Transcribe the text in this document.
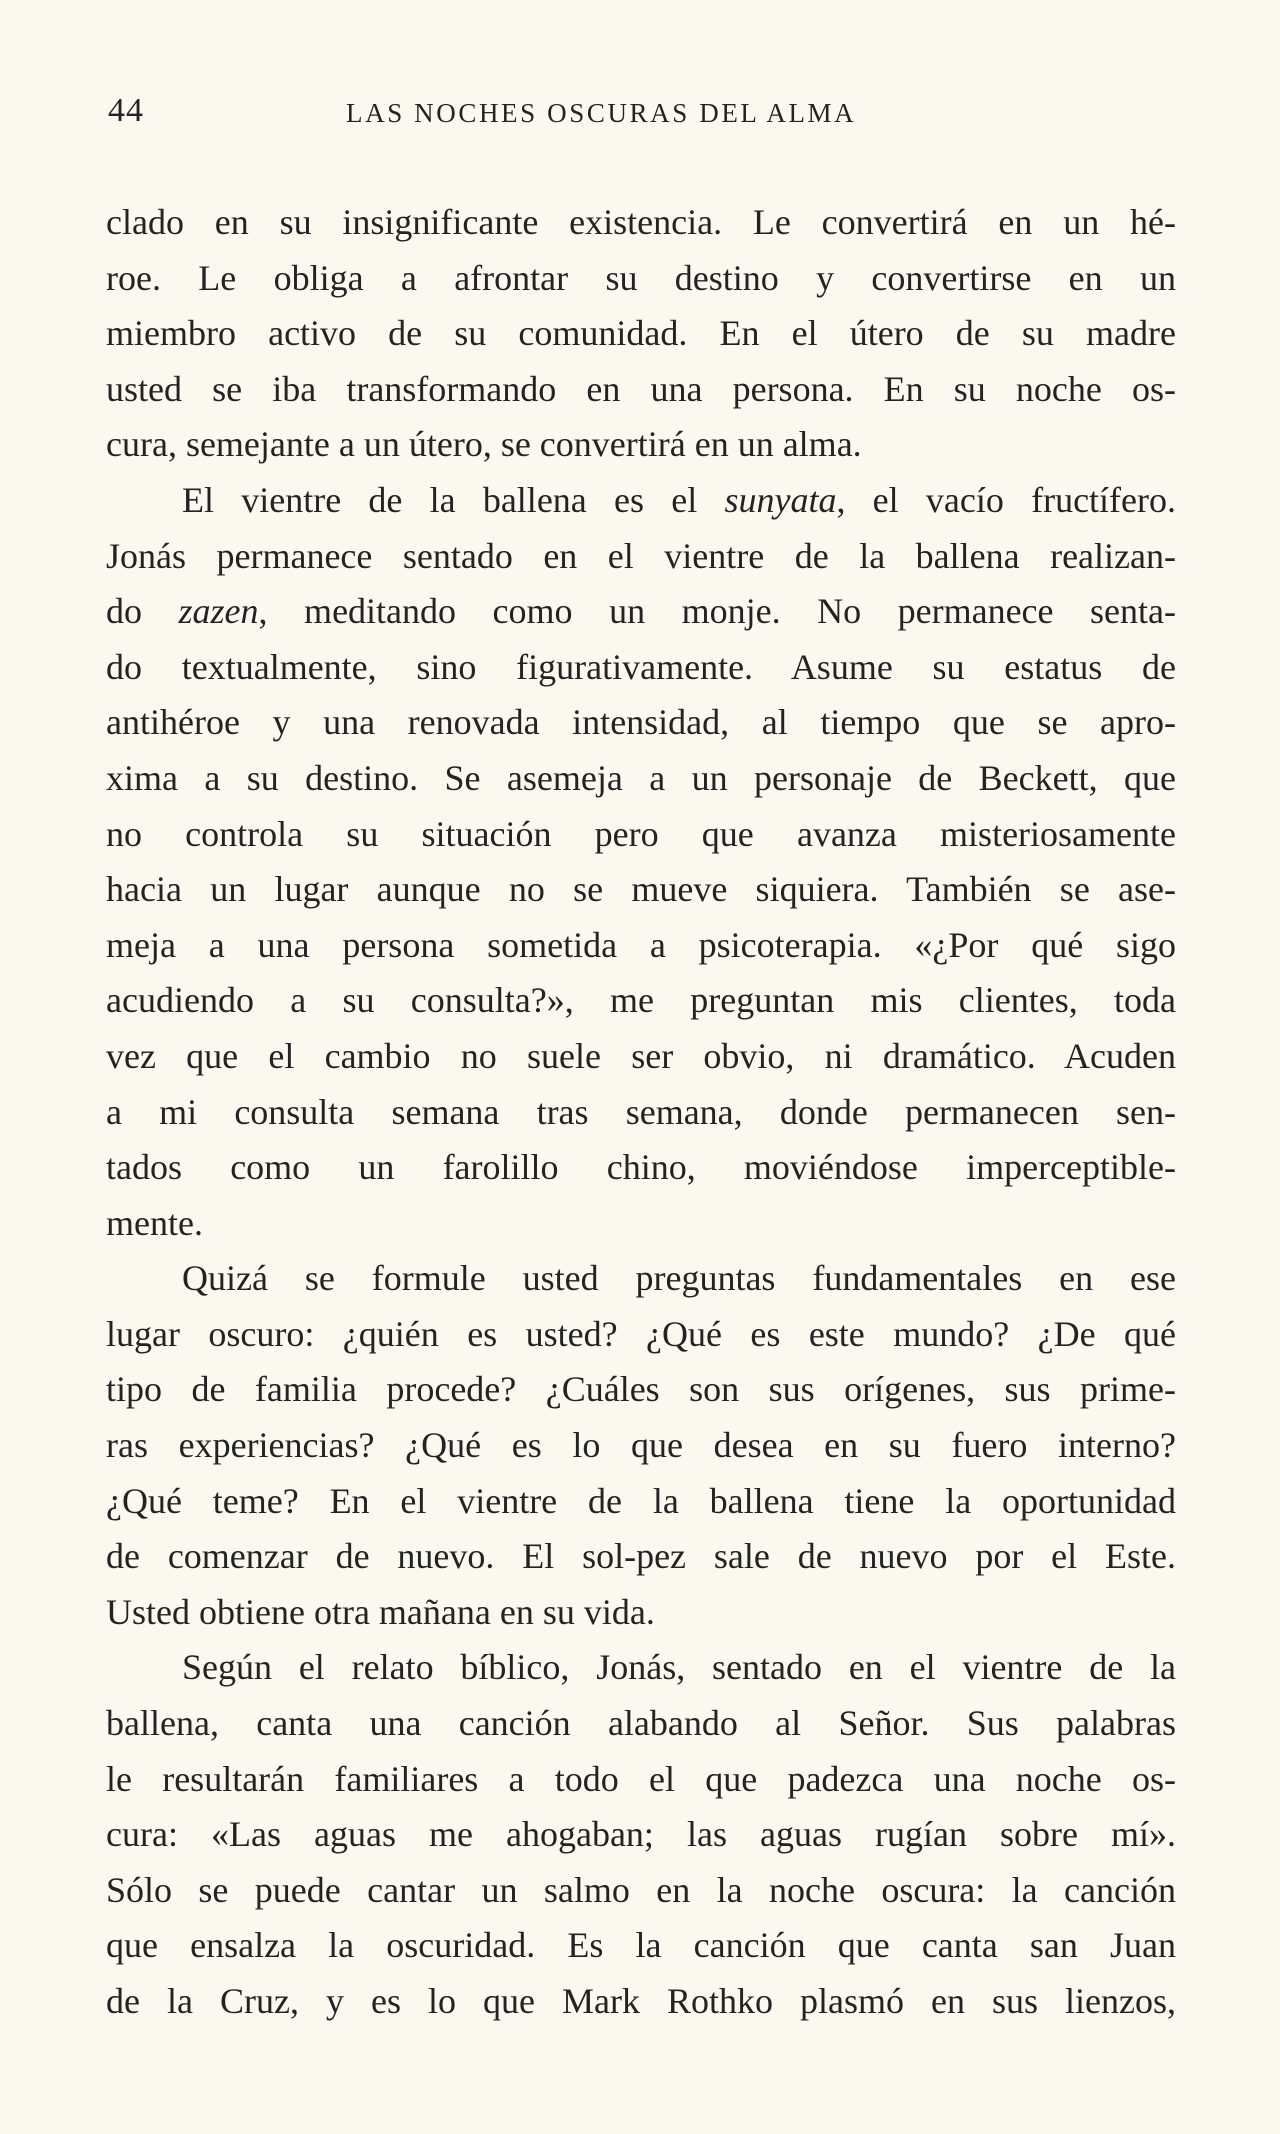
44	LAS NOCHES OSCURAS DEL ALMA
clado en su insignificante existencia. Le convertirá en un hé-
roe. Le obliga a afrontar su destino y convertirse en un
miembro activo de su comunidad. En el útero de su madre
usted se iba transformando en una persona. En su noche os-
cura, semejante a un útero, se convertirá en un alma.
El vientre de la ballena es el sunyata, el vacío fructífero.
Jonás permanece sentado en el vientre de la ballena realizan-
do zazen, meditando como un monje. No permanece senta-
do textualmente, sino figurativamente. Asume su estatus de
antihéroe y una renovada intensidad, al tiempo que se apro-
xima a su destino. Se asemeja a un personaje de Beckett, que
no controla su situación pero que avanza misteriosamente
hacia un lugar aunque no se mueve siquiera. También se ase-
meja a una persona sometida a psicoterapia. «¿Por qué sigo
acudiendo a su consulta?», me preguntan mis clientes, toda
vez que el cambio no suele ser obvio, ni dramático. Acuden
a mi consulta semana tras semana, donde permanecen sen-
tados como un farolillo chino, moviéndose imperceptible-
mente.
Quizá se formule usted preguntas fundamentales en ese
lugar oscuro: ¿quién es usted? ¿Qué es este mundo? ¿De qué
tipo de familia procede? ¿Cuáles son sus orígenes, sus prime-
ras experiencias? ¿Qué es lo que desea en su fuero interno?
¿Qué teme? En el vientre de la ballena tiene la oportunidad
de comenzar de nuevo. El sol-pez sale de nuevo por el Este.
Usted obtiene otra mañana en su vida.
Según el relato bíblico, Jonás, sentado en el vientre de la
ballena, canta una canción alabando al Señor. Sus palabras
le resultarán familiares a todo el que padezca una noche os-
cura: «Las aguas me ahogaban; las aguas rugían sobre mí».
Sólo se puede cantar un salmo en la noche oscura: la canción
que ensalza la oscuridad. Es la canción que canta san Juan
de la Cruz, y es lo que Mark Rothko plasmó en sus lienzos,
